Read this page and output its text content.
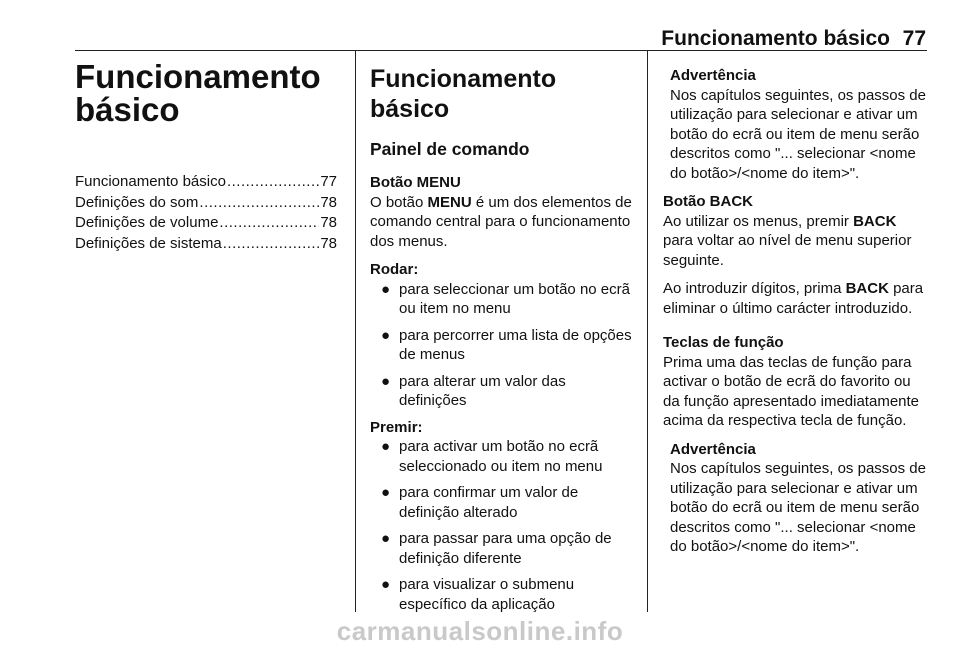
Funcionamento básico 77
Funcionamento
básico
Funcionamento básico .....	77
Definições do som .....	78
Definições de volume .....	78
Definições de sistema .....	78
Funcionamento básico
Painel de comando

Botão MENU

O botão MENU é um dos elementos de comando central para o funcionamento dos menus.

Rodar:

● para seleccionar um botão no ecrã ou item no menu
● para percorrer uma lista de opções de menus
● para alterar um valor das definições

Premir:

● para activar um botão no ecrã seleccionado ou item no menu
● para confirmar um valor de definição alterado
● para passar para uma opção de definição diferente
● para visualizar o submenu específico da aplicação

Advertência

Nos capítulos seguintes, os passos de utilização para selecionar e ativar um botão do ecrã ou item de menu serão descritos como "... selecionar <nome do botão>/<nome do item>".

Botão BACK

Ao utilizar os menus, premir BACK para voltar ao nível de menu superior seguinte.

Ao introduzir dígitos, prima BACK para eliminar o último carácter introduzido.

Teclas de função

Prima uma das teclas de função para activar o botão de ecrã do favorito ou da função apresentado imediatamente acima da respectiva tecla de função.

Advertência

Nos capítulos seguintes, os passos de utilização para selecionar e ativar um botão do ecrã ou item de menu serão descritos como "... selecionar <nome do botão>/<nome do item>".

carmanualsonline.info
